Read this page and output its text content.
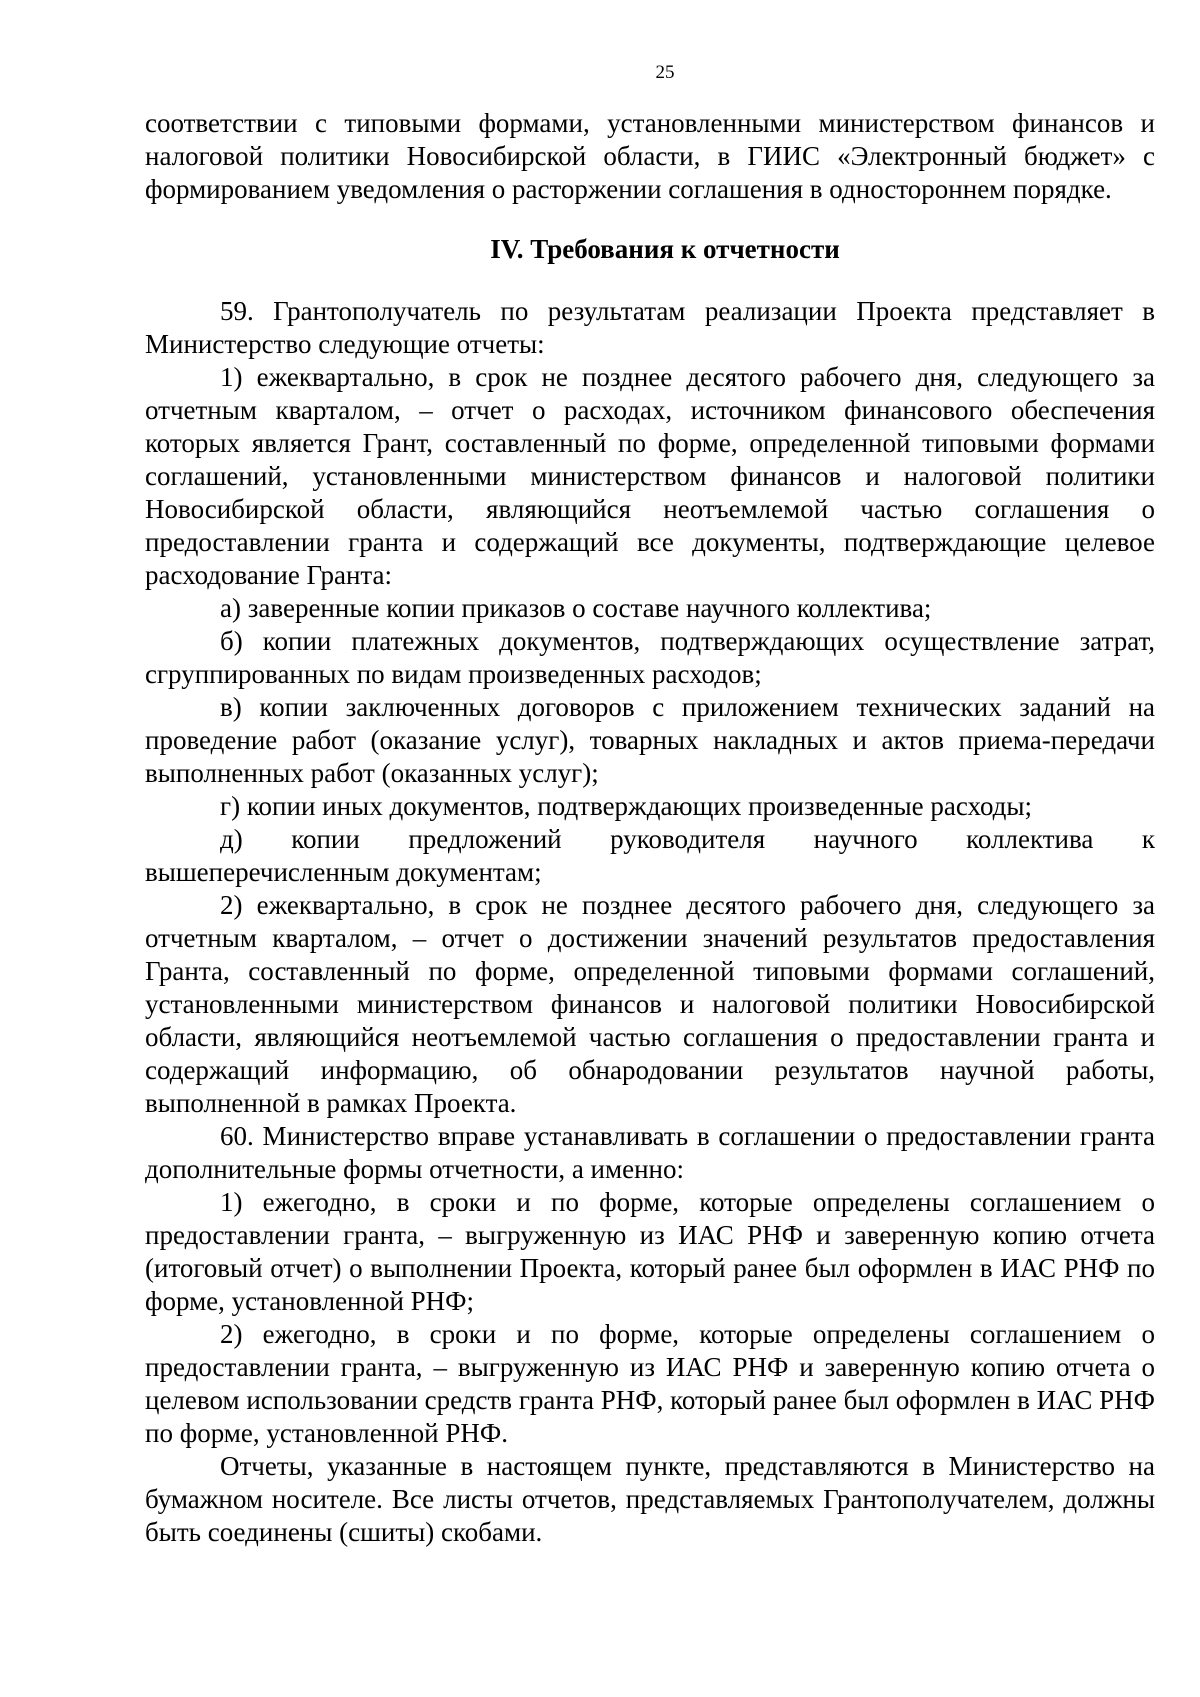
25

соответствии с типовыми формами, установленными министерством финансов и налоговой политики Новосибирской области, в ГИИС «Электронный бюджет» с формированием уведомления о расторжении соглашения в одностороннем порядке.

IV. Требования к отчетности

59. Грантополучатель по результатам реализации Проекта представляет в Министерство следующие отчеты:

1) ежеквартально, в срок не позднее десятого рабочего дня, следующего за отчетным кварталом, – отчет о расходах, источником финансового обеспечения которых является Грант, составленный по форме, определенной типовыми формами соглашений, установленными министерством финансов и налоговой политики Новосибирской области, являющийся неотъемлемой частью соглашения о предоставлении гранта и содержащий все документы, подтверждающие целевое расходование Гранта:

а) заверенные копии приказов о составе научного коллектива;

б) копии платежных документов, подтверждающих осуществление затрат, сгруппированных по видам произведенных расходов;

в) копии заключенных договоров с приложением технических заданий на проведение работ (оказание услуг), товарных накладных и актов приема-передачи выполненных работ (оказанных услуг);

г) копии иных документов, подтверждающих произведенные расходы;

д) копии предложений руководителя научного коллектива к вышеперечисленным документам;

2) ежеквартально, в срок не позднее десятого рабочего дня, следующего за отчетным кварталом, – отчет о достижении значений результатов предоставления Гранта, составленный по форме, определенной типовыми формами соглашений, установленными министерством финансов и налоговой политики Новосибирской области, являющийся неотъемлемой частью соглашения о предоставлении гранта и содержащий информацию, об обнародовании результатов научной работы, выполненной в рамках Проекта.

60. Министерство вправе устанавливать в соглашении о предоставлении гранта дополнительные формы отчетности, а именно:

1) ежегодно, в сроки и по форме, которые определены соглашением о предоставлении гранта, – выгруженную из ИАС РНФ и заверенную копию отчета (итоговый отчет) о выполнении Проекта, который ранее был оформлен в ИАС РНФ по форме, установленной РНФ;

2) ежегодно, в сроки и по форме, которые определены соглашением о предоставлении гранта, – выгруженную из ИАС РНФ и заверенную копию отчета о целевом использовании средств гранта РНФ, который ранее был оформлен в ИАС РНФ по форме, установленной РНФ.

Отчеты, указанные в настоящем пункте, представляются в Министерство на бумажном носителе. Все листы отчетов, представляемых Грантополучателем, должны быть соединены (сшиты) скобами.
